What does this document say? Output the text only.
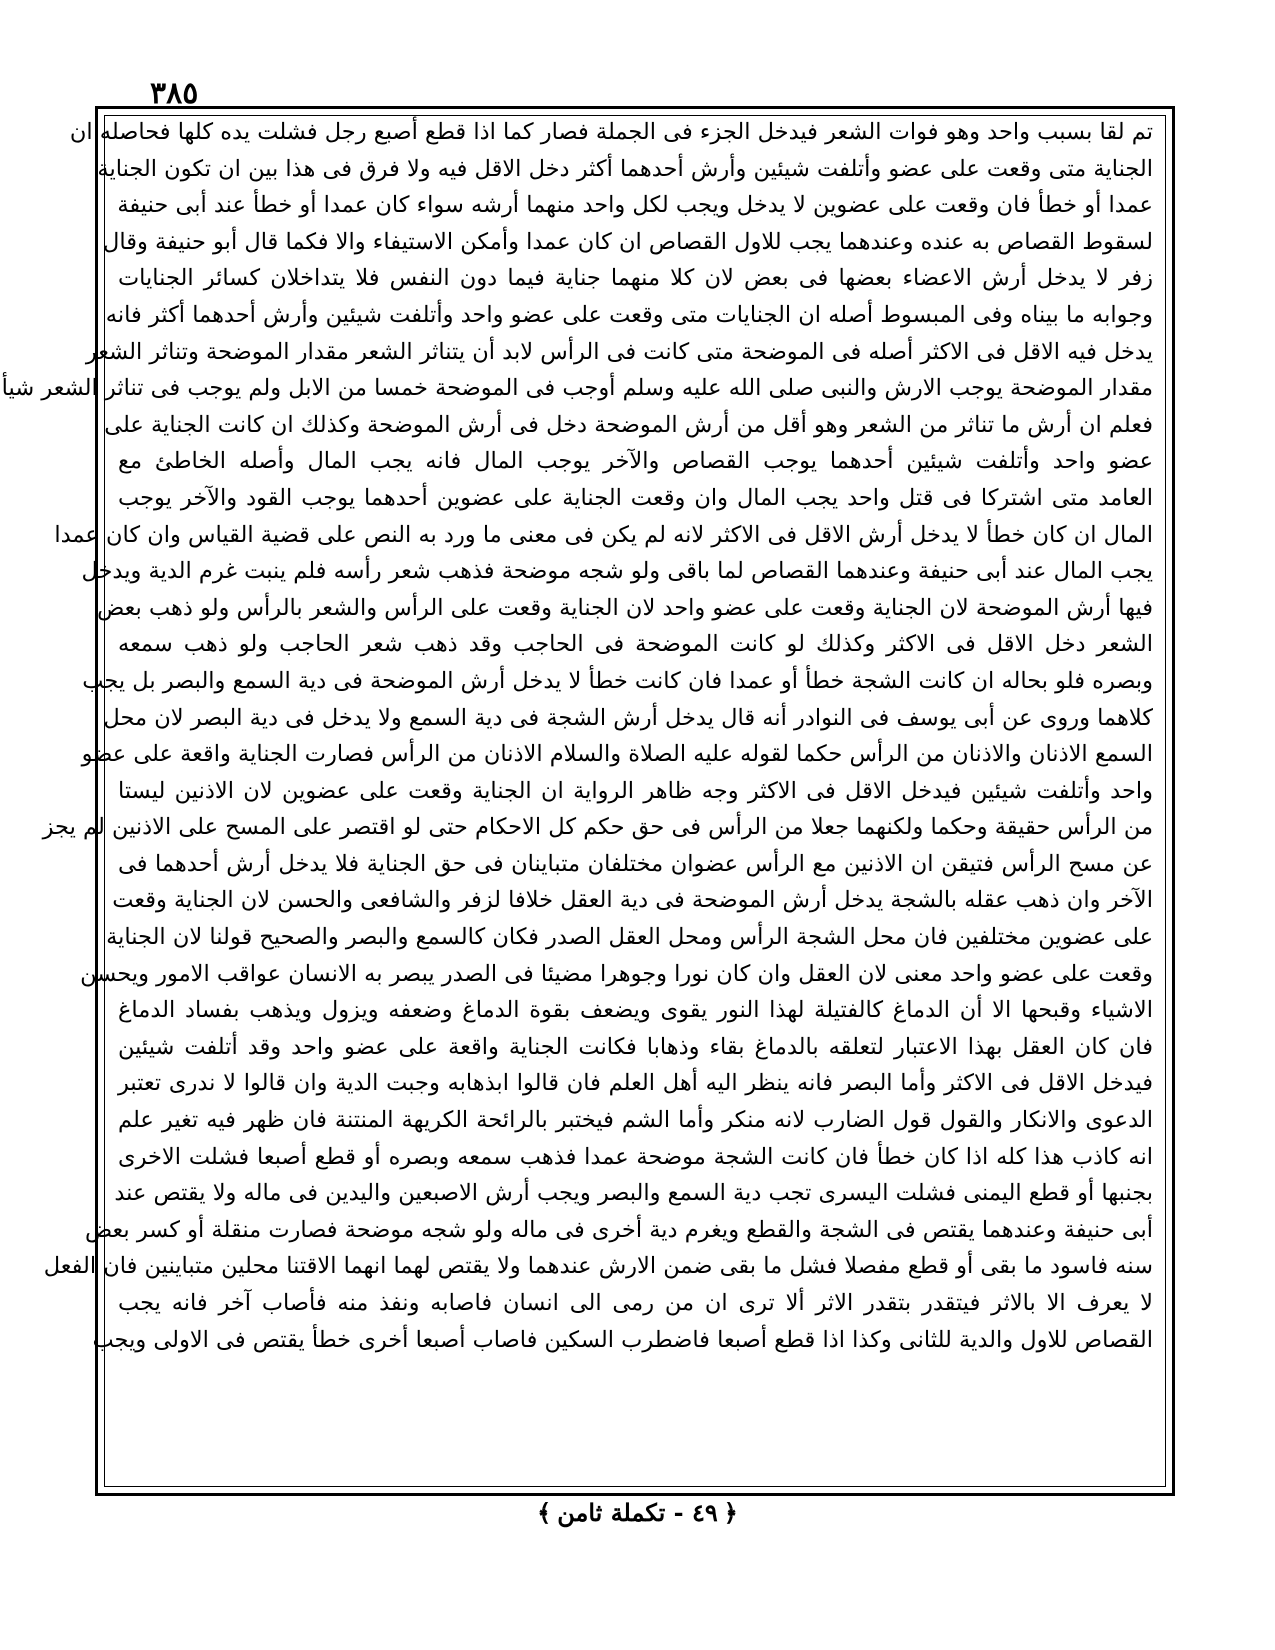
٣٨٥
تم لقا بسبب واحد وهو فوات الشعر فيدخل الجزء فى الجملة فصار كما اذا قطع أصبع رجل فشلت يده كلها فحاصله ان
الجناية متى وقعت على عضو وأتلفت شيئين وأرش أحدهما أكثر دخل الاقل فيه ولا فرق فى هذا بين ان تكون الجناية
عمدا أو خطأ فان وقعت على عضوين لا يدخل ويجب لكل واحد منهما أرشه سواء كان عمدا أو خطأ عند أبى حنيفة
لسقوط القصاص به عنده وعندهما يجب للاول القصاص ان كان عمدا وأمكن الاستيفاء والا فكما قال أبو حنيفة وقال
زفر لا يدخل أرش الاعضاء بعضها فى بعض لان كلا منهما جناية فيما دون النفس فلا يتداخلان كسائر الجنايات
وجوابه ما بيناه وفى المبسوط أصله ان الجنايات متى وقعت على عضو واحد وأتلفت شيئين وأرش أحدهما أكثر فانه
يدخل فيه الاقل فى الاكثر أصله فى الموضحة متى كانت فى الرأس لابد أن يتناثر الشعر مقدار الموضحة وتناثر الشعر
مقدار الموضحة يوجب الارش والنبى صلى الله عليه وسلم أوجب فى الموضحة خمسا من الابل ولم يوجب فى تناثر الشعر شيأ
فعلم ان أرش ما تناثر من الشعر وهو أقل من أرش الموضحة دخل فى أرش الموضحة وكذلك ان كانت الجناية على
عضو واحد وأتلفت شيئين أحدهما يوجب القصاص والآخر يوجب المال فانه يجب المال وأصله الخاطئ مع
العامد متى اشتركا فى قتل واحد يجب المال وان وقعت الجناية على عضوين أحدهما يوجب القود والآخر يوجب
المال ان كان خطأ لا يدخل أرش الاقل فى الاكثر لانه لم يكن فى معنى ما ورد به النص على قضية القياس وان كان عمدا
يجب المال عند أبى حنيفة وعندهما القصاص لما باقى ولو شجه موضحة فذهب شعر رأسه فلم ينبت غرم الدية ويدخل
فيها أرش الموضحة لان الجناية وقعت على عضو واحد لان الجناية وقعت على الرأس والشعر بالرأس ولو ذهب بعض
الشعر دخل الاقل فى الاكثر وكذلك لو كانت الموضحة فى الحاجب وقد ذهب شعر الحاجب ولو ذهب سمعه
وبصره فلو بحاله ان كانت الشجة خطأ أو عمدا فان كانت خطأ لا يدخل أرش الموضحة فى دية السمع والبصر بل يجب
كلاهما وروى عن أبى يوسف فى النوادر أنه قال يدخل أرش الشجة فى دية السمع ولا يدخل فى دية البصر لان محل
السمع الاذنان والاذنان من الرأس حكما لقوله عليه الصلاة والسلام الاذنان من الرأس فصارت الجناية واقعة على عضو
واحد وأتلفت شيئين فيدخل الاقل فى الاكثر وجه ظاهر الرواية ان الجناية وقعت على عضوين لان الاذنين ليستا
من الرأس حقيقة وحكما ولكنهما جعلا من الرأس فى حق حكم كل الاحكام حتى لو اقتصر على المسح على الاذنين لم يجز
عن مسح الرأس فتيقن ان الاذنين مع الرأس عضوان مختلفان متباينان فى حق الجناية فلا يدخل أرش أحدهما فى
الآخر وان ذهب عقله بالشجة يدخل أرش الموضحة فى دية العقل خلافا لزفر والشافعى والحسن لان الجناية وقعت
على عضوين مختلفين فان محل الشجة الرأس ومحل العقل الصدر فكان كالسمع والبصر والصحيح قولنا لان الجناية
وقعت على عضو واحد معنى لان العقل وان كان نورا وجوهرا مضيئا فى الصدر يبصر به الانسان عواقب الامور ويحسن
الاشياء وقبحها الا أن الدماغ كالفتيلة لهذا النور يقوى ويضعف بقوة الدماغ وضعفه ويزول ويذهب بفساد الدماغ
فان كان العقل بهذا الاعتبار لتعلقه بالدماغ بقاء وذهابا فكانت الجناية واقعة على عضو واحد وقد أتلفت شيئين
فيدخل الاقل فى الاكثر وأما البصر فانه ينظر اليه أهل العلم فان قالوا ابذهابه وجبت الدية وان قالوا لا ندرى تعتبر
الدعوى والانكار والقول قول الضارب لانه منكر وأما الشم فيختبر بالرائحة الكريهة المنتنة فان ظهر فيه تغير علم
انه كاذب هذا كله اذا كان خطأ فان كانت الشجة موضحة عمدا فذهب سمعه وبصره أو قطع أصبعا فشلت الاخرى
بجنبها أو قطع اليمنى فشلت اليسرى تجب دية السمع والبصر ويجب أرش الاصبعين واليدين فى ماله ولا يقتص عند
أبى حنيفة وعندهما يقتص فى الشجة والقطع ويغرم دية أخرى فى ماله ولو شجه موضحة فصارت منقلة أو كسر بعض
سنه فاسود ما بقى أو قطع مفصلا فشل ما بقى ضمن الارش عندهما ولا يقتص لهما انهما الاقتنا محلين متباينين فان الفعل
لا يعرف الا بالاثر فيتقدر بتقدر الاثر ألا ترى ان من رمى الى انسان فاصابه ونفذ منه فأصاب آخر فانه يجب
القصاص للاول والدية للثانى وكذا اذا قطع أصبعا فاضطرب السكين فاصاب أصبعا أخرى خطأ يقتص فى الاولى ويجب
﴿٤٩ - تكملة ثامن﴾
